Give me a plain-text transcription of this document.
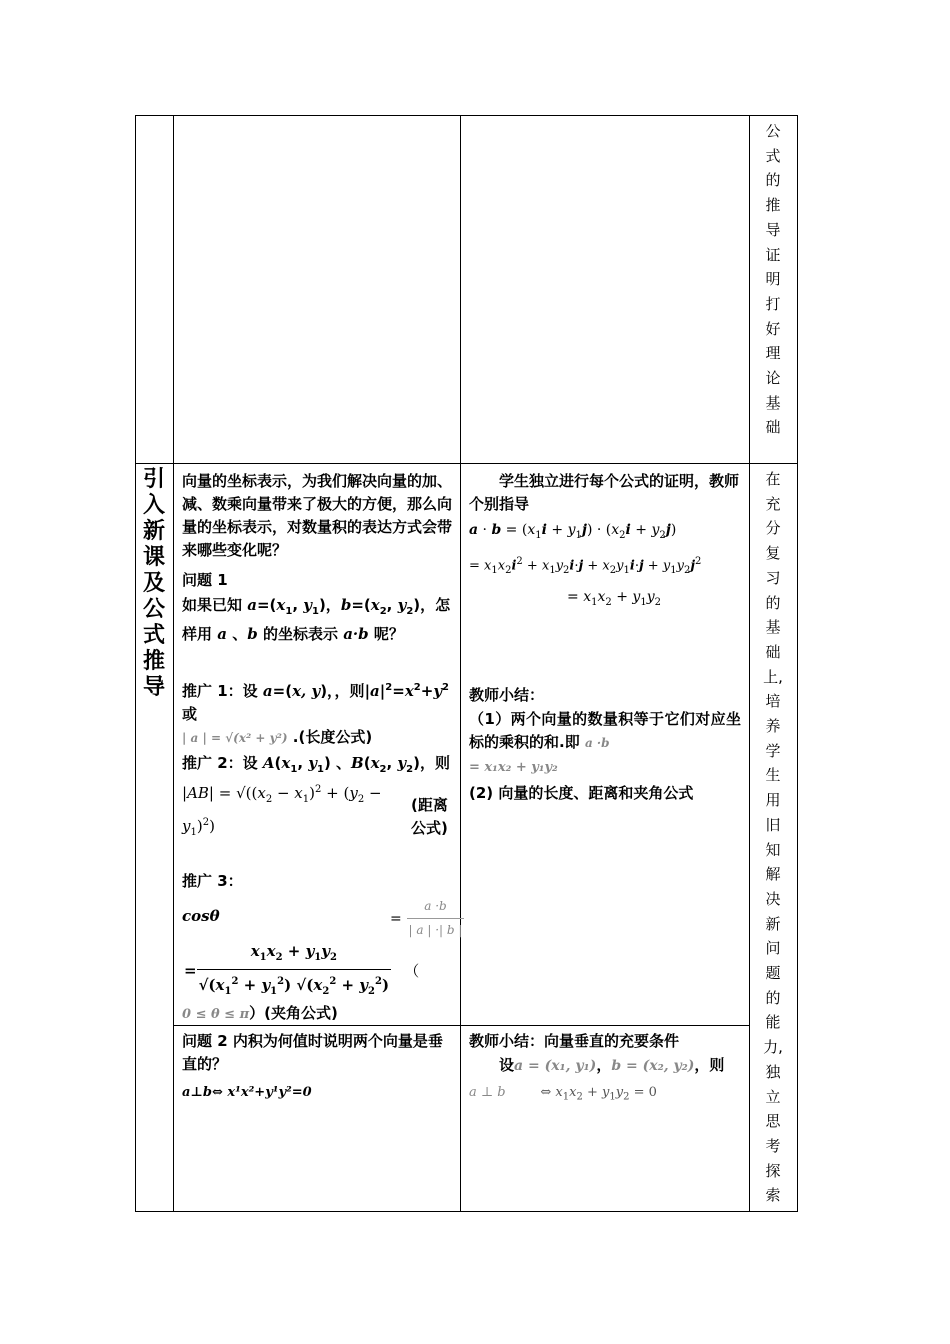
公
式
的
推
导
证
明
打
好
理
论
基
础
引
入
新
课
及
公
式
推
导
在
充
分
复
习
的
基
础
上,
培
养
学
生
用
旧
知
解
决
新
问
题
的
能
力,
独
立
思
考
探
索
向量的坐标表示，为我们解决向量的加、减、数乘向量带来了极大的方便，那么向量的坐标表示，对数量积的表达方式会带来哪些变化呢？
问题 1
如果已知 $a=(x_1$, $y_1$)，$b=(x_2$, $y_2$)，怎样用 a 、b 的坐标表示 a·b 呢？
推广 1：设 a=(x, y)，，则$|a|^2=x^2+y^2$ 或
| a | = √(x² + y²) .(长度公式)
推广 2：设 $A(x_1$, $y_1$) 、$B(x_2$, $y_2$)，则
$|AB| = √((x_2 - x_1)^2 + (y_2 - y_1)^2)$
(距离公式)
推广 3：
cosθ	= $\frac{a \cdot b}{| a | \cdot| b |}$
= $\frac{x_1x_2 + y_1y_2}{√(x_1^2 + y_1^2) √(x_2^2 + y_2^2)}$ （
0 ≤ θ ≤ π）(夹角公式)
问题 2 内积为何值时说明两个向量是垂直的？
a⊥b⇔ x¹x²+y¹y²=0
学生独立进行每个公式的证明，教师个别指导
$a \cdot b = (x_1i + y_1j) \cdot (x_2i + y_2j)$
= $x_1x_2i^2 + x_1y_2i\cdot j + x_2y_1i\cdot j + y_1y_2j^2$
= $x_1x_2 + y_1y_2$
教师小结：
（1）两个向量的数量积等于它们对应坐标的乘积的和.即 a ·b
= x₁x₂ + y₁y₂
(2) 向量的长度、距离和夹角公式
教师小结：向量垂直的充要条件
设a = (x₁, y₁)，b = (x₂, y₂)，则
a ⊥ b	⇔ $x_1x_2 + y_1y_2 = 0$
